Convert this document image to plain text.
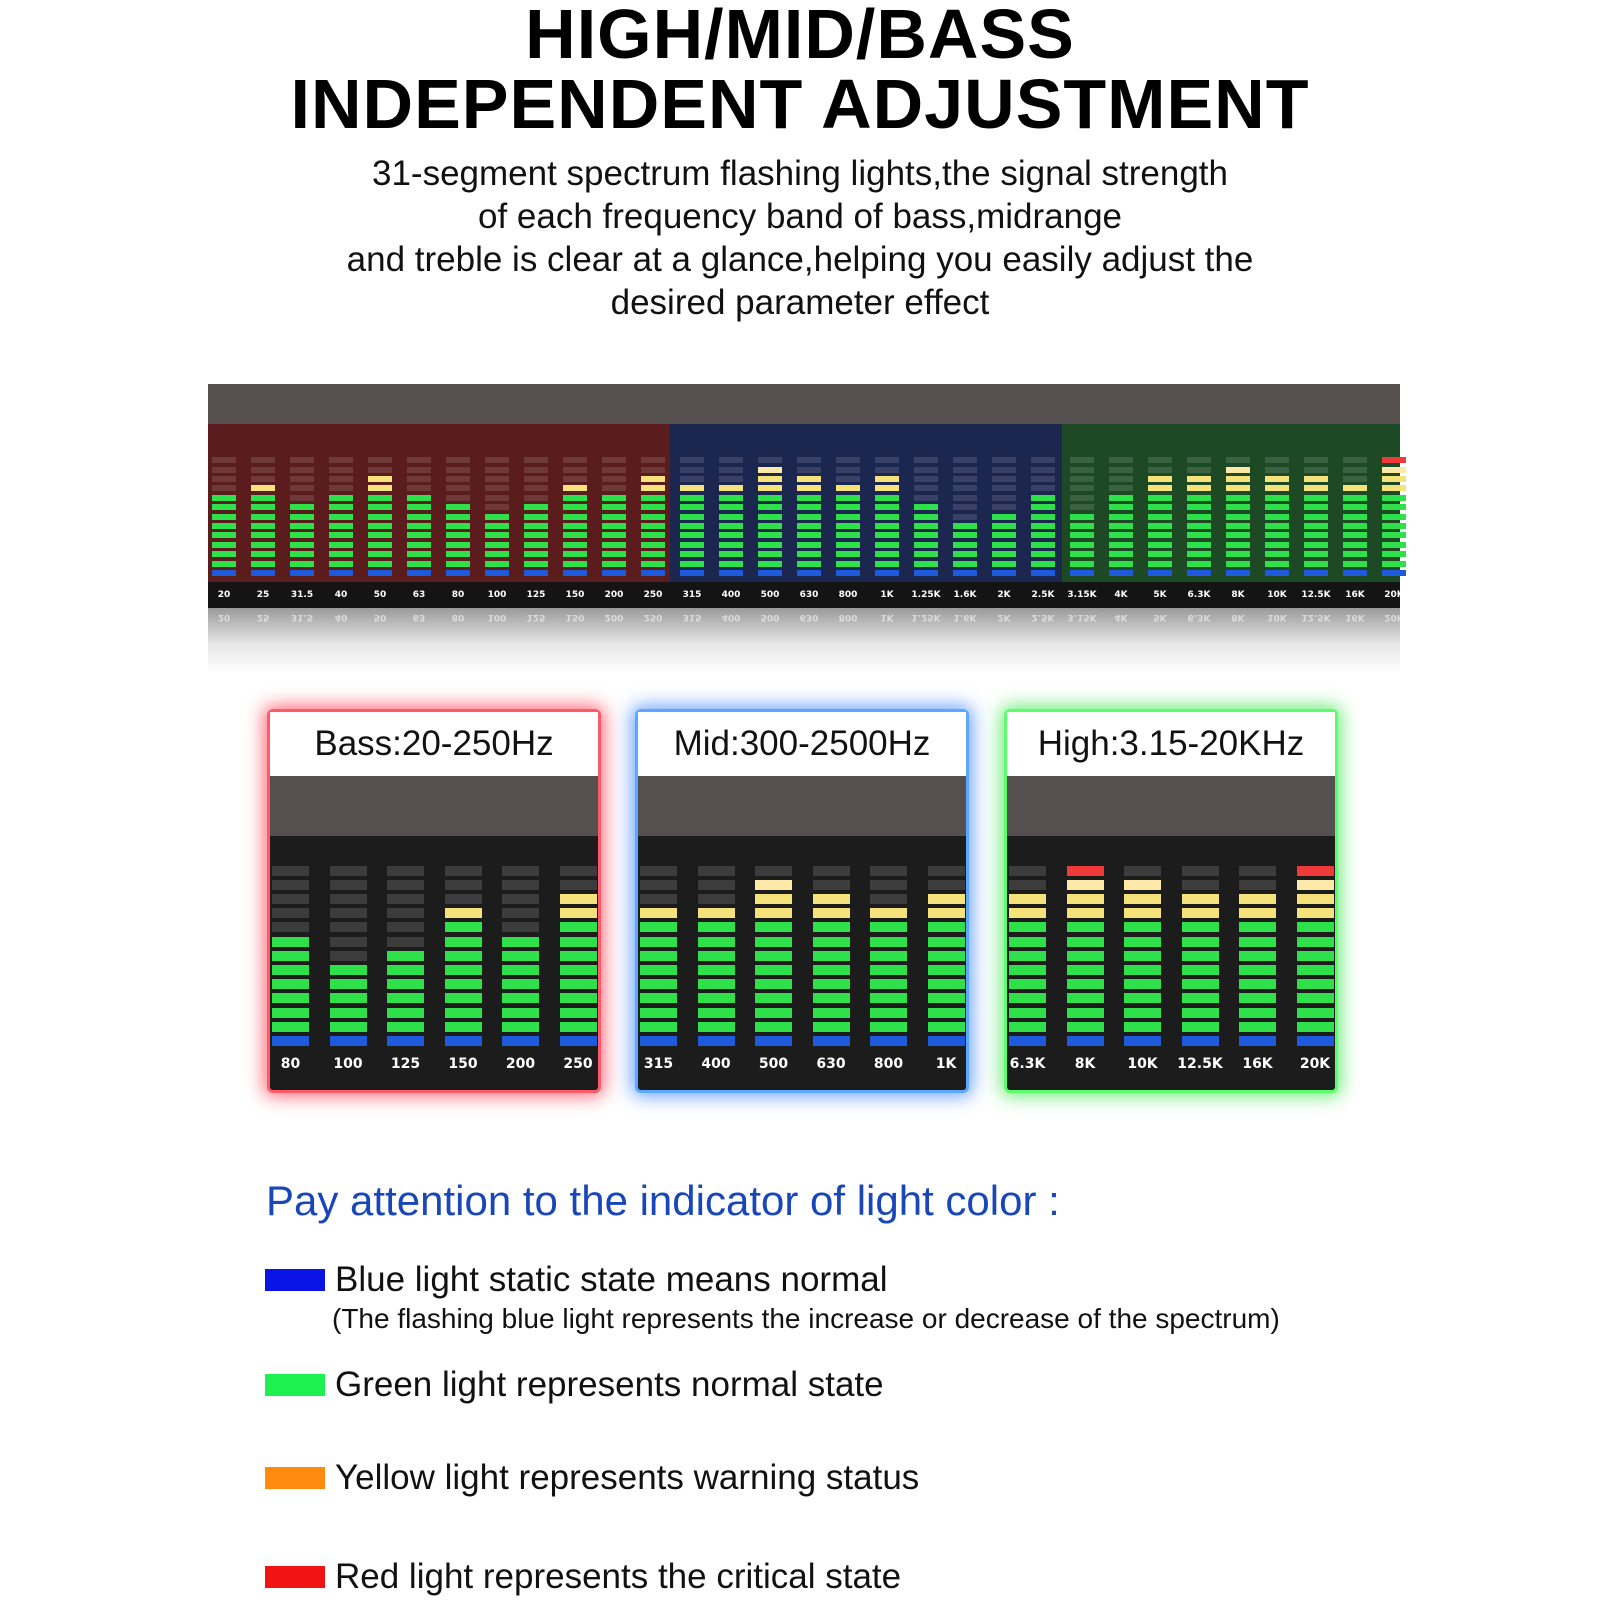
HIGH/MID/BASS
INDEPENDENT ADJUSTMENT
31-segment spectrum flashing lights,the signal strength
of each frequency band of bass,midrange
and treble is clear at a glance,helping you easily adjust the
desired parameter effect
20	25	31.5	40	50	63	80	100	125	150	200	250	315	400	500	630	800	1K	1.25K	1.6K	2K	2.5K	3.15K	4K	5K	6.3K	8K	10K	12.5K	16K	20K
20	25	31.5	40	50	63	80	100	125	150	200	250	315	400	500	630	800	1K	1.25K	1.6K	2K	2.5K	3.15K	4K	5K	6.3K	8K	10K	12.5K	16K	20K
Bass:20-250Hz
80	100	125	150	200	250
Mid:300-2500Hz
315	400	500	630	800	1K
High:3.15-20KHz
6.3K	8K	10K	12.5K	16K	20K
Pay attention to the indicator of light color :
Blue light static state means normal
(The flashing blue light represents the increase or decrease of the spectrum)
Green light represents normal state
Yellow light represents warning status
Red light represents the critical state
